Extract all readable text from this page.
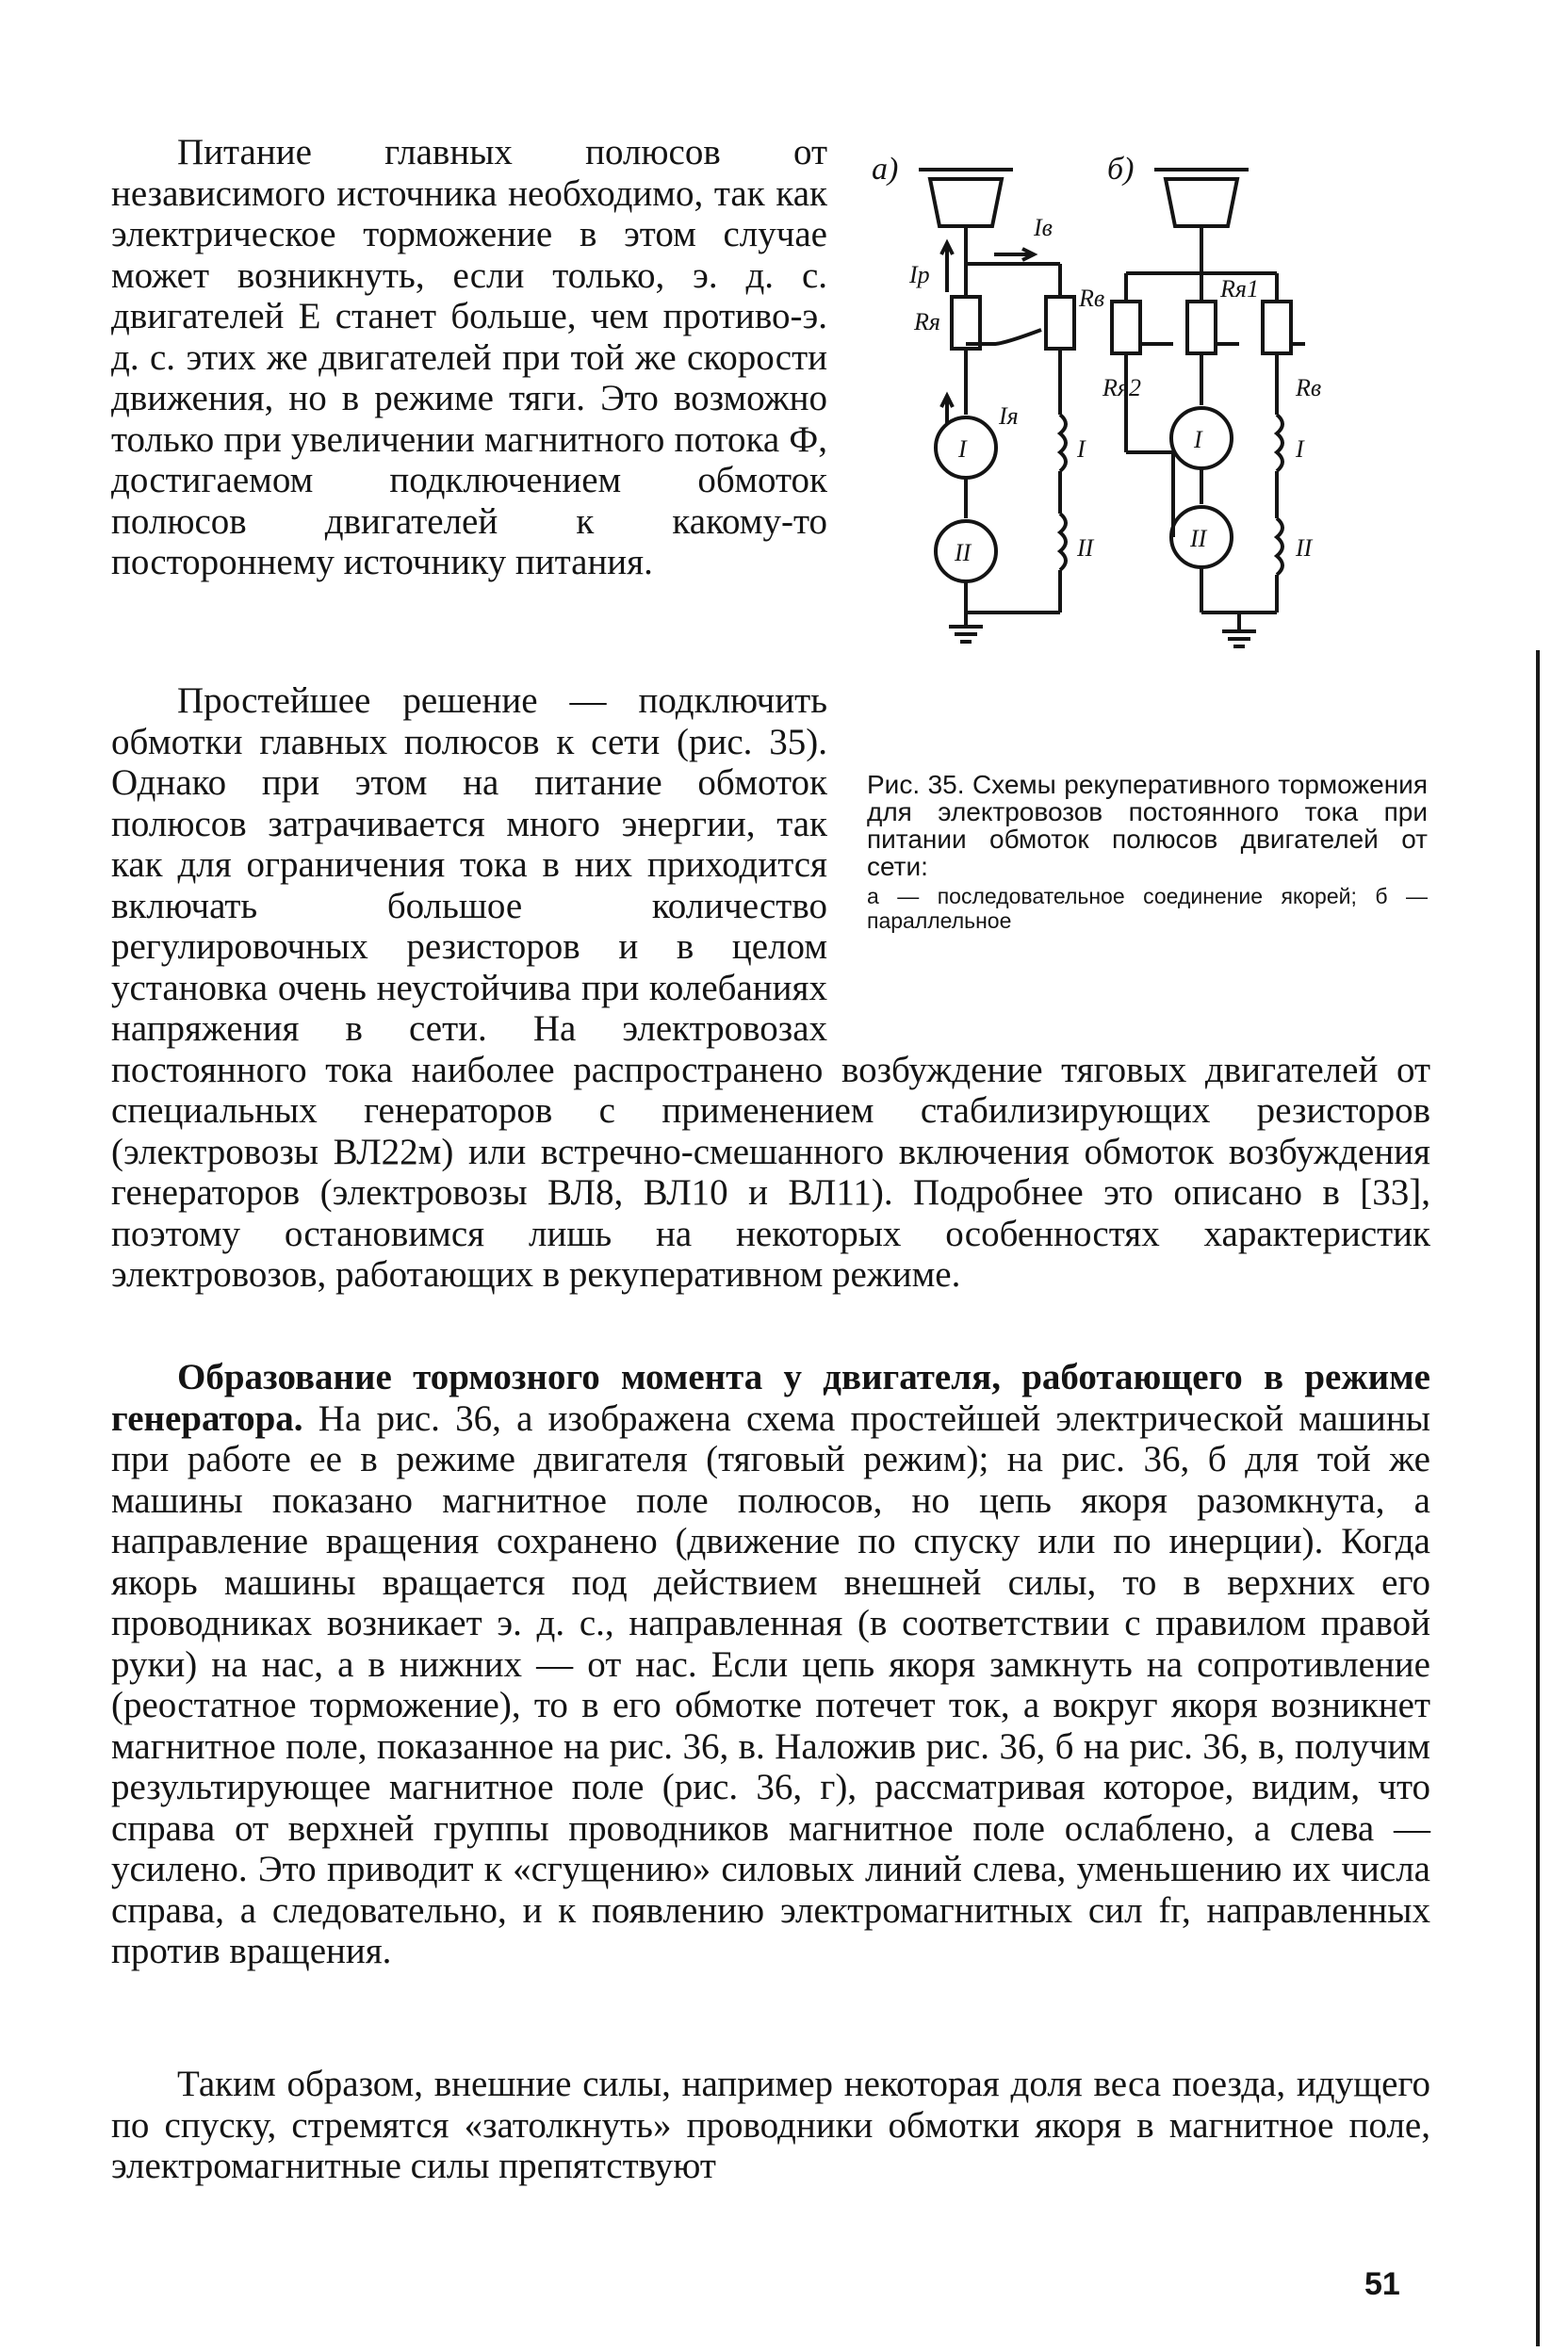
Питание главных полюсов от независимого источника необходимо, так как электрическое торможение в этом случае может возникнуть, если только, э. д. с. двигателей E станет больше, чем противо-э. д. с. этих же двигателей при той же скорости движения, но в режиме тяги. Это возможно только при увеличении магнитного потока Ф, достигаемом подключением обмоток полюсов двигателей к какому-то постороннему источнику питания.

Простейшее решение — подключить обмотки главных полюсов к сети (рис. 35). Однако при этом на питание обмоток полюсов затрачивается много энергии, так как для ограничения тока в них приходится включать большое количество регулировочных резисторов и в целом установка очень неустойчива при колебаниях напряжения в сети. На электровозах постоянного тока наиболее распространено возбуждение тяговых двигателей от специальных генераторов с применением стабилизирующих резисторов (электровозы ВЛ22м) или встречно-смешанного включения обмоток возбуждения генераторов (электровозы ВЛ8, ВЛ10 и ВЛ11). Подробнее это описано в [33], поэтому остановимся лишь на некоторых особенностях характеристик электровозов, работающих в рекуперативном режиме.

Образование тормозного момента у двигателя, работающего в режиме генератора. На рис. 36, а изображена схема простейшей электрической машины при работе ее в режиме двигателя (тяговый режим); на рис. 36, б для той же машины показано магнитное поле полюсов, но цепь якоря разомкнута, а направление вращения сохранено (движение по спуску или по инерции). Когда якорь машины вращается под действием внешней силы, то в верхних его проводниках возникает э. д. с., направленная (в соответствии с правилом правой руки) на нас, а в нижних — от нас. Если цепь якоря замкнуть на сопротивление (реостатное торможение), то в его обмотке потечет ток, а вокруг якоря возникнет магнитное поле, показанное на рис. 36, в. Наложив рис. 36, б на рис. 36, в, получим результирующее магнитное поле (рис. 36, г), рассматривая которое, видим, что справа от верхней группы проводников магнитное поле ослаблено, а слева — усилено. Это приводит к «сгущению» силовых линий слева, уменьшению их числа справа, а следовательно, и к появлению электромагнитных сил fг, направленных против вращения.

Таким образом, внешние силы, например некоторая доля веса поезда, идущего по спуску, стремятся «затолкнуть» проводники обмотки якоря в магнитное поле, электромагнитные силы препятствуют

а)	б)
Iв
Iр
Rя
Rв
Iя
I
II
I
II
Rя1
Rя2	Rв
I
II
I
II
Рис. 35. Схемы рекуперативного торможения для электровозов постоянного тока при питании обмоток полюсов двигателей от сети:
а — последовательное соединение якорей; б — параллельное
51
